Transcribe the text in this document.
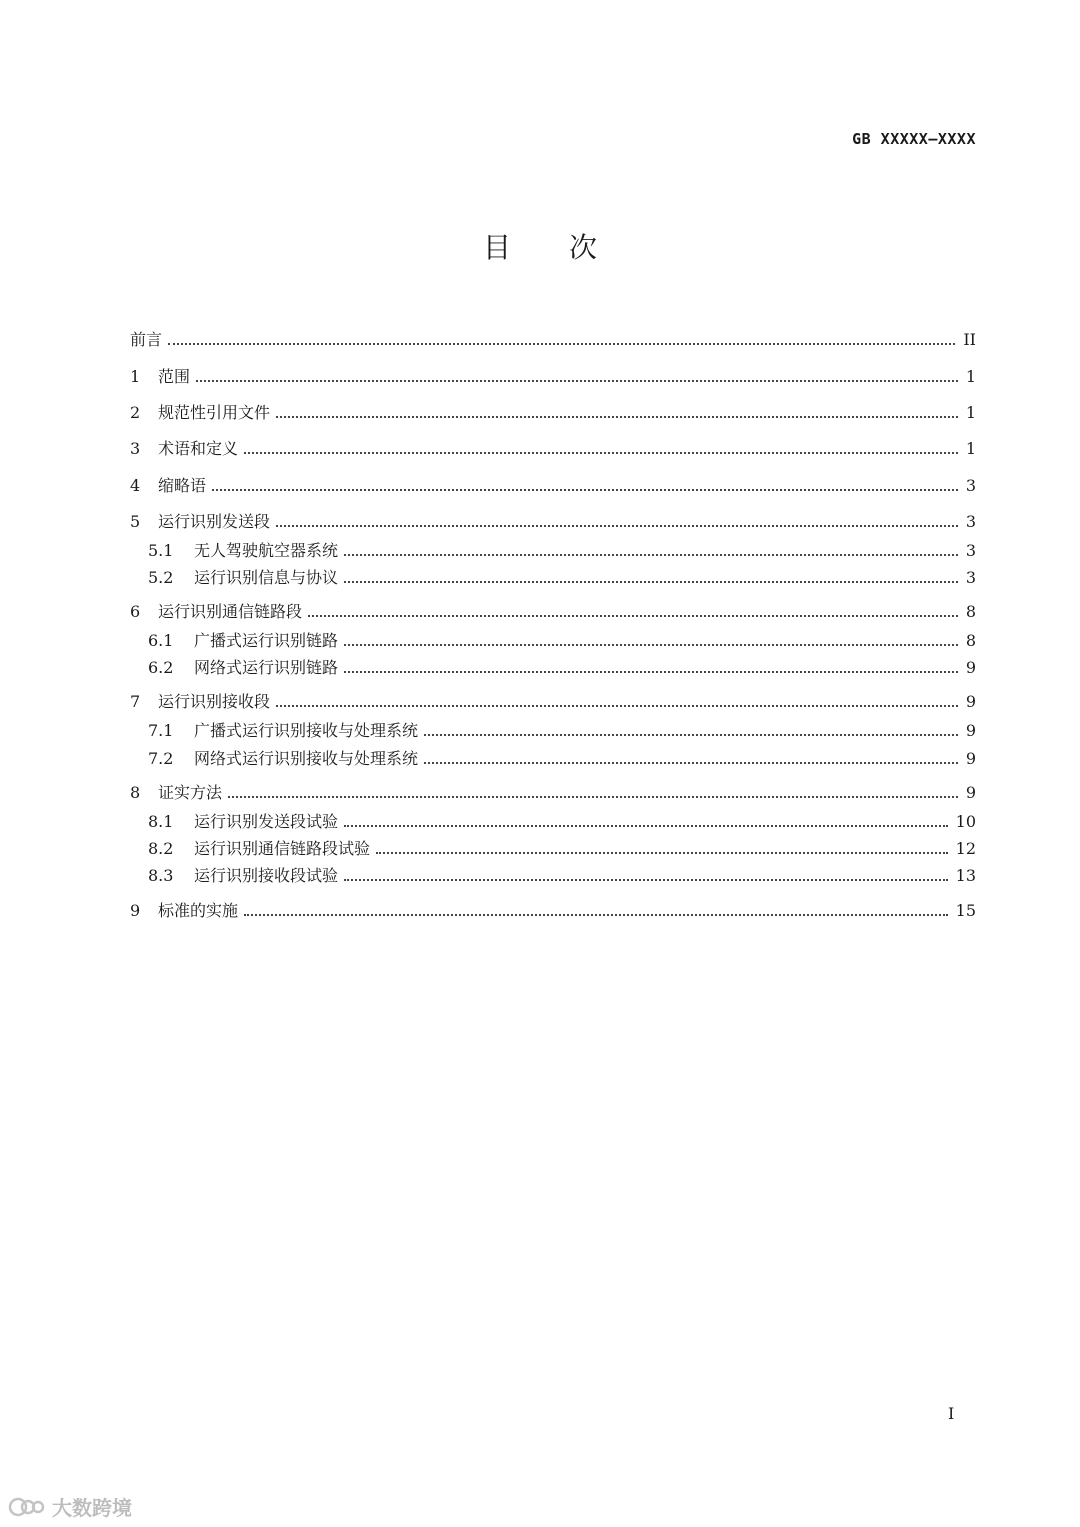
GB XXXXX—XXXX
目次
前言	II
1	范围	1
2	规范性引用文件	1
3	术语和定义	1
4	缩略语	3
5	运行识别发送段	3
5.1	无人驾驶航空器系统	3
5.2	运行识别信息与协议	3
6	运行识别通信链路段	8
6.1	广播式运行识别链路	8
6.2	网络式运行识别链路	9
7	运行识别接收段	9
7.1	广播式运行识别接收与处理系统	9
7.2	网络式运行识别接收与处理系统	9
8	证实方法	9
8.1	运行识别发送段试验	10
8.2	运行识别通信链路段试验	12
8.3	运行识别接收段试验	13
9	标准的实施	15
I
大数跨境
